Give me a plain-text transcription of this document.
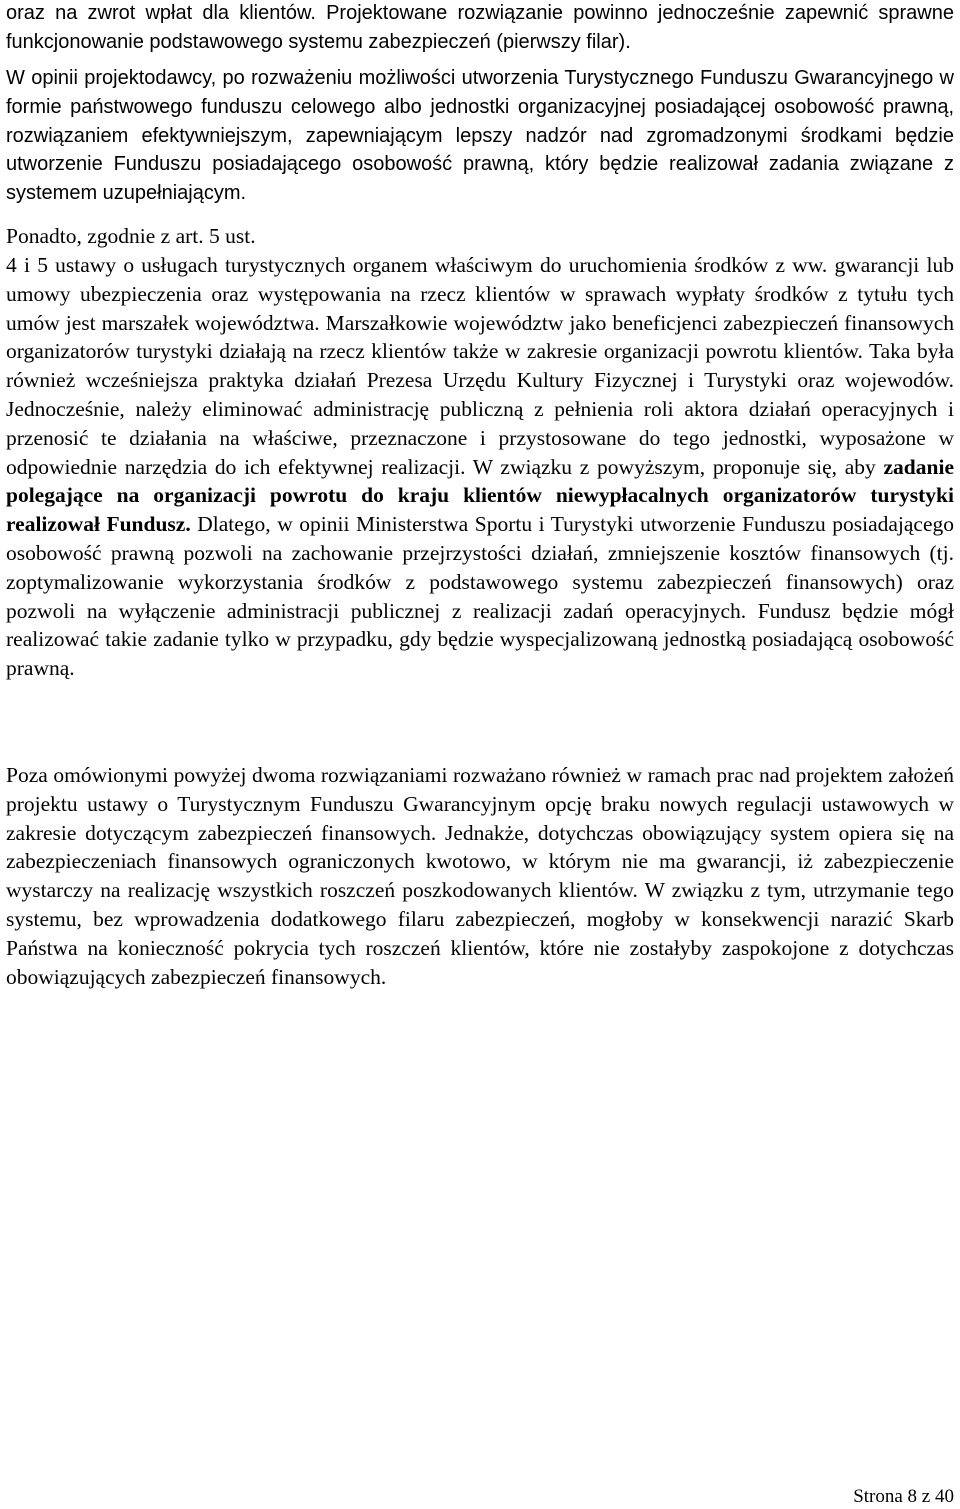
oraz na zwrot wpłat dla klientów. Projektowane rozwiązanie powinno jednocześnie zapewnić sprawne funkcjonowanie podstawowego systemu zabezpieczeń (pierwszy filar).

W opinii projektodawcy, po rozważeniu możliwości utworzenia Turystycznego Funduszu Gwarancyjnego w formie państwowego funduszu celowego albo jednostki organizacyjnej posiadającej osobowość prawną, rozwiązaniem efektywniejszym, zapewniającym lepszy nadzór nad zgromadzonymi środkami będzie utworzenie Funduszu posiadającego osobowość prawną, który będzie realizował zadania związane z systemem uzupełniającym.

Ponadto, zgodnie z art. 5 ust.

4 i 5 ustawy o usługach turystycznych organem właściwym do uruchomienia środków z ww. gwarancji lub umowy ubezpieczenia oraz występowania na rzecz klientów w sprawach wypłaty środków z tytułu tych umów jest marszałek województwa. Marszałkowie województw jako beneficjenci zabezpieczeń finansowych organizatorów turystyki działają na rzecz klientów także w zakresie organizacji powrotu klientów. Taka była również wcześniejsza praktyka działań Prezesa Urzędu Kultury Fizycznej i Turystyki oraz wojewodów. Jednocześnie, należy eliminować administrację publiczną z pełnienia roli aktora działań operacyjnych i przenosić te działania na właściwe, przeznaczone i przystosowane do tego jednostki, wyposażone w odpowiednie narzędzia do ich efektywnej realizacji. W związku z powyższym, proponuje się, aby zadanie polegające na organizacji powrotu do kraju klientów niewypłacalnych organizatorów turystyki realizował Fundusz. Dlatego, w opinii Ministerstwa Sportu i Turystyki utworzenie Funduszu posiadającego osobowość prawną pozwoli na zachowanie przejrzystości działań, zmniejszenie kosztów finansowych (tj. zoptymalizowanie wykorzystania środków z podstawowego systemu zabezpieczeń finansowych) oraz pozwoli na wyłączenie administracji publicznej z realizacji zadań operacyjnych. Fundusz będzie mógł realizować takie zadanie tylko w przypadku, gdy będzie wyspecjalizowaną jednostką posiadającą osobowość prawną.

Poza omówionymi powyżej dwoma rozwiązaniami rozważano również w ramach prac nad projektem założeń projektu ustawy o Turystycznym Funduszu Gwarancyjnym opcję braku nowych regulacji ustawowych w zakresie dotyczącym zabezpieczeń finansowych. Jednakże, dotychczas obowiązujący system opiera się na zabezpieczeniach finansowych ograniczonych kwotowo, w którym nie ma gwarancji, iż zabezpieczenie wystarczy na realizację wszystkich roszczeń poszkodowanych klientów. W związku z tym, utrzymanie tego systemu, bez wprowadzenia dodatkowego filaru zabezpieczeń, mogłoby w konsekwencji narazić Skarb Państwa na konieczność pokrycia tych roszczeń klientów, które nie zostałyby zaspokojone z dotychczas obowiązujących zabezpieczeń finansowych.

Strona 8 z 40
